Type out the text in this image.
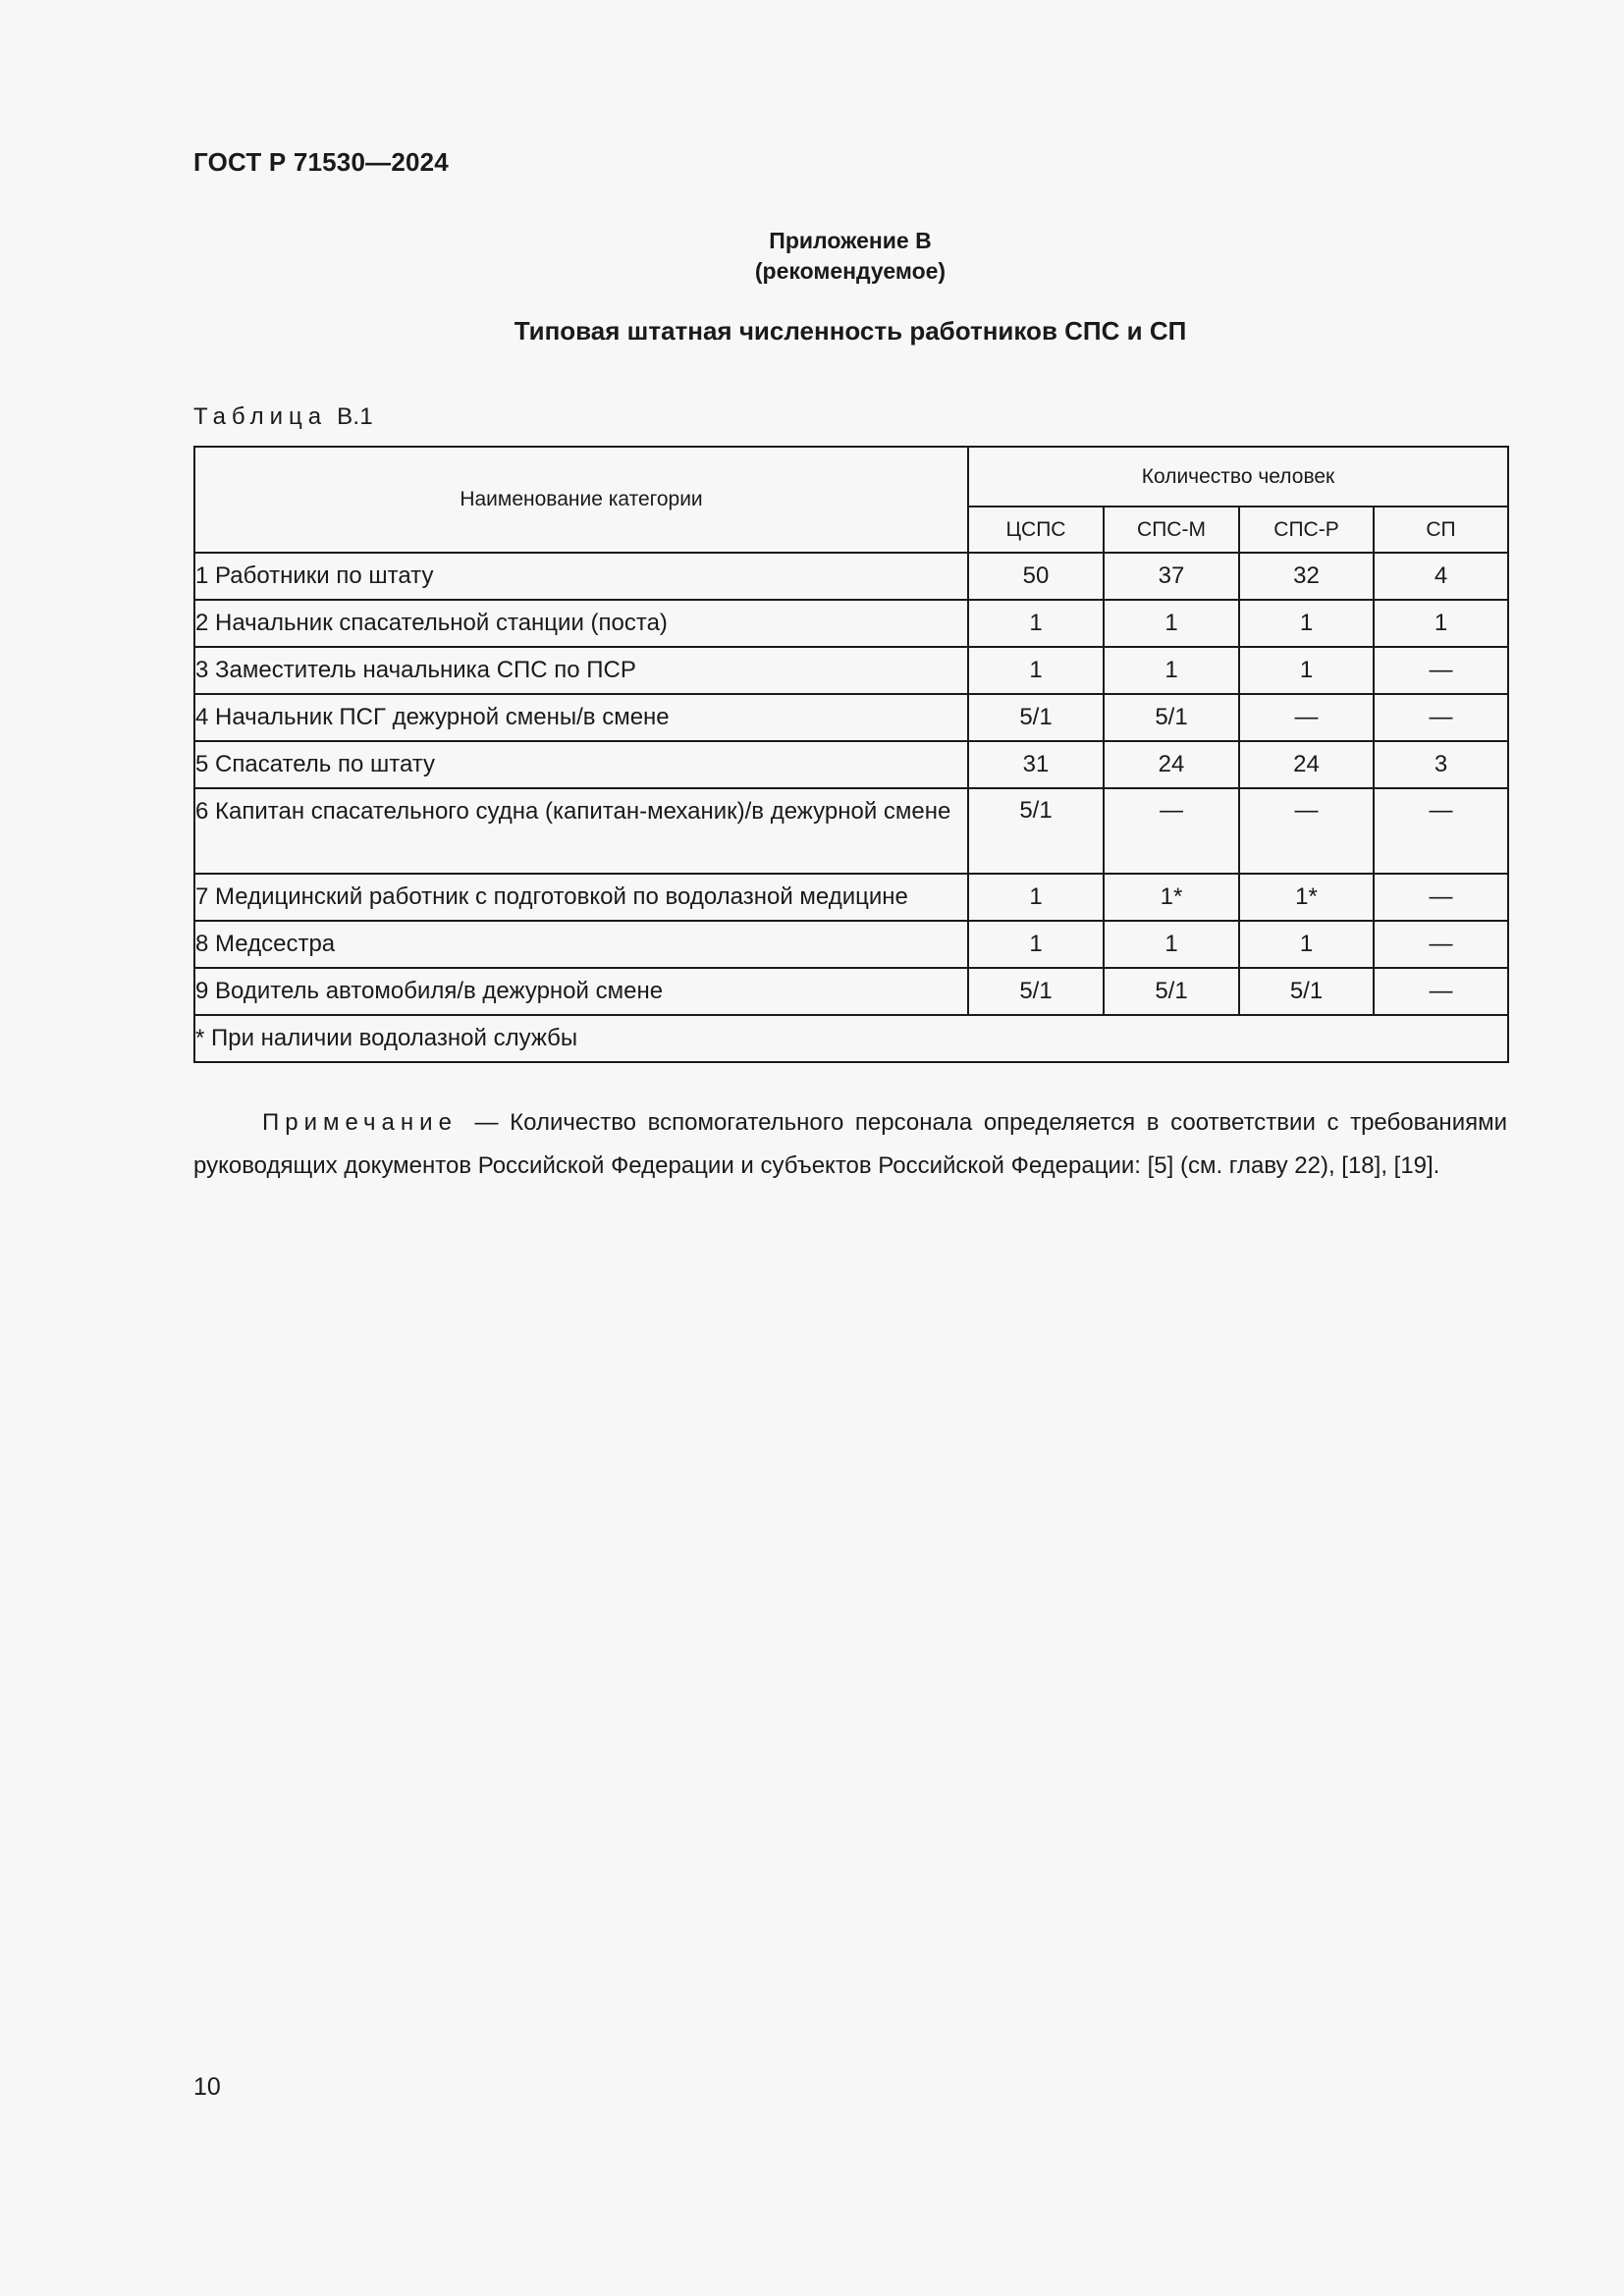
ГОСТ Р 71530—2024
Приложение В
(рекомендуемое)
Типовая штатная численность работников СПС и СП
Таблица В.1
Наименование категории	Количество человек			
	ЦСПС	СПС-М	СПС-Р	СП
1 Работники по штату	50	37	32	4
2 Начальник спасательной станции (поста)	1	1	1	1
3 Заместитель начальника СПС по ПСР	1	1	1	—
4 Начальник ПСГ дежурной смены/в смене	5/1	5/1	—	—
5 Спасатель по штату	31	24	24	3
6 Капитан спасательного судна (капитан-механик)/в дежурной смене	5/1	—	—	—
7 Медицинский работник с подготовкой по водолазной медицине	1	1*	1*	—
8 Медсестра	1	1	1	—
9 Водитель автомобиля/в дежурной смене	5/1	5/1	5/1	—
* При наличии водолазной службы				
Примечание — Количество вспомогательного персонала определяется в соответствии с требованиями руководящих документов Российской Федерации и субъектов Российской Федерации: [5] (см. главу 22), [18], [19].
10
